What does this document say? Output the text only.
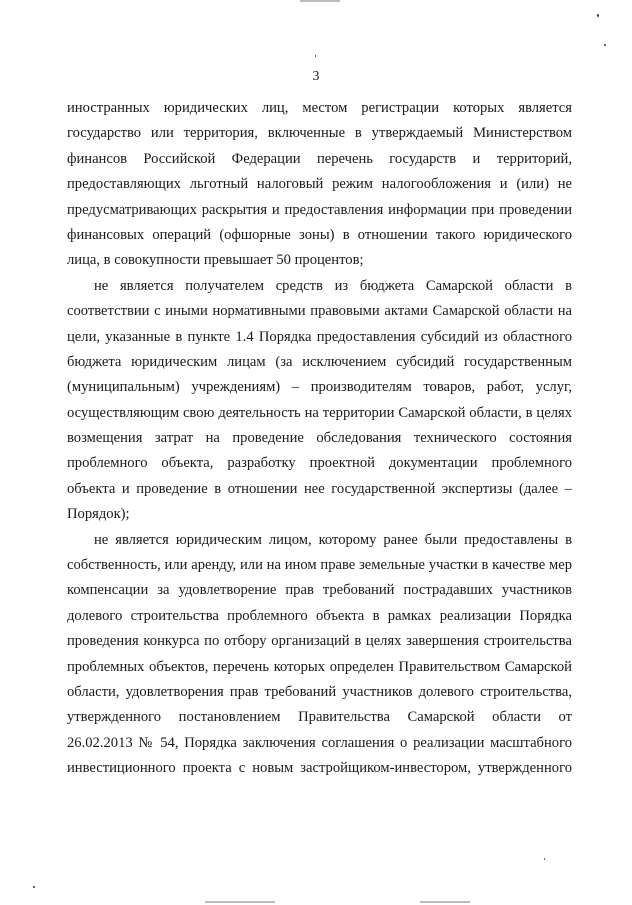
3
иностранных юридических лиц, местом регистрации которых является
государство или территория, включенные в утверждаемый Министерством
финансов Российской Федерации перечень государств и территорий,
предоставляющих льготный налоговый режим налогообложения и (или) не
предусматривающих раскрытия и предоставления информации при проведении
финансовых операций (офшорные зоны) в отношении такого юридического
лица, в совокупности превышает 50 процентов;
не является получателем средств из бюджета Самарской области в
соответствии с иными нормативными правовыми актами Самарской области на
цели, указанные в пункте 1.4 Порядка предоставления субсидий из областного
бюджета юридическим лицам (за исключением субсидий государственным
(муниципальным) учреждениям) – производителям товаров, работ, услуг,
осуществляющим свою деятельность на территории Самарской области, в целях
возмещения затрат на проведение обследования технического состояния
проблемного объекта, разработку проектной документации проблемного
объекта и проведение в отношении нее государственной экспертизы (далее –
Порядок);
не является юридическим лицом, которому ранее были предоставлены в
собственность, или аренду, или на ином праве земельные участки в качестве мер
компенсации за удовлетворение прав требований пострадавших участников
долевого строительства проблемного объекта в рамках реализации Порядка
проведения конкурса по отбору организаций в целях завершения строительства
проблемных объектов, перечень которых определен Правительством Самарской
области, удовлетворения прав требований участников долевого строительства,
утвержденного постановлением Правительства Самарской области от
26.02.2013 № 54, Порядка заключения соглашения о реализации масштабного
инвестиционного проекта с новым застройщиком-инвестором, утвержденного
